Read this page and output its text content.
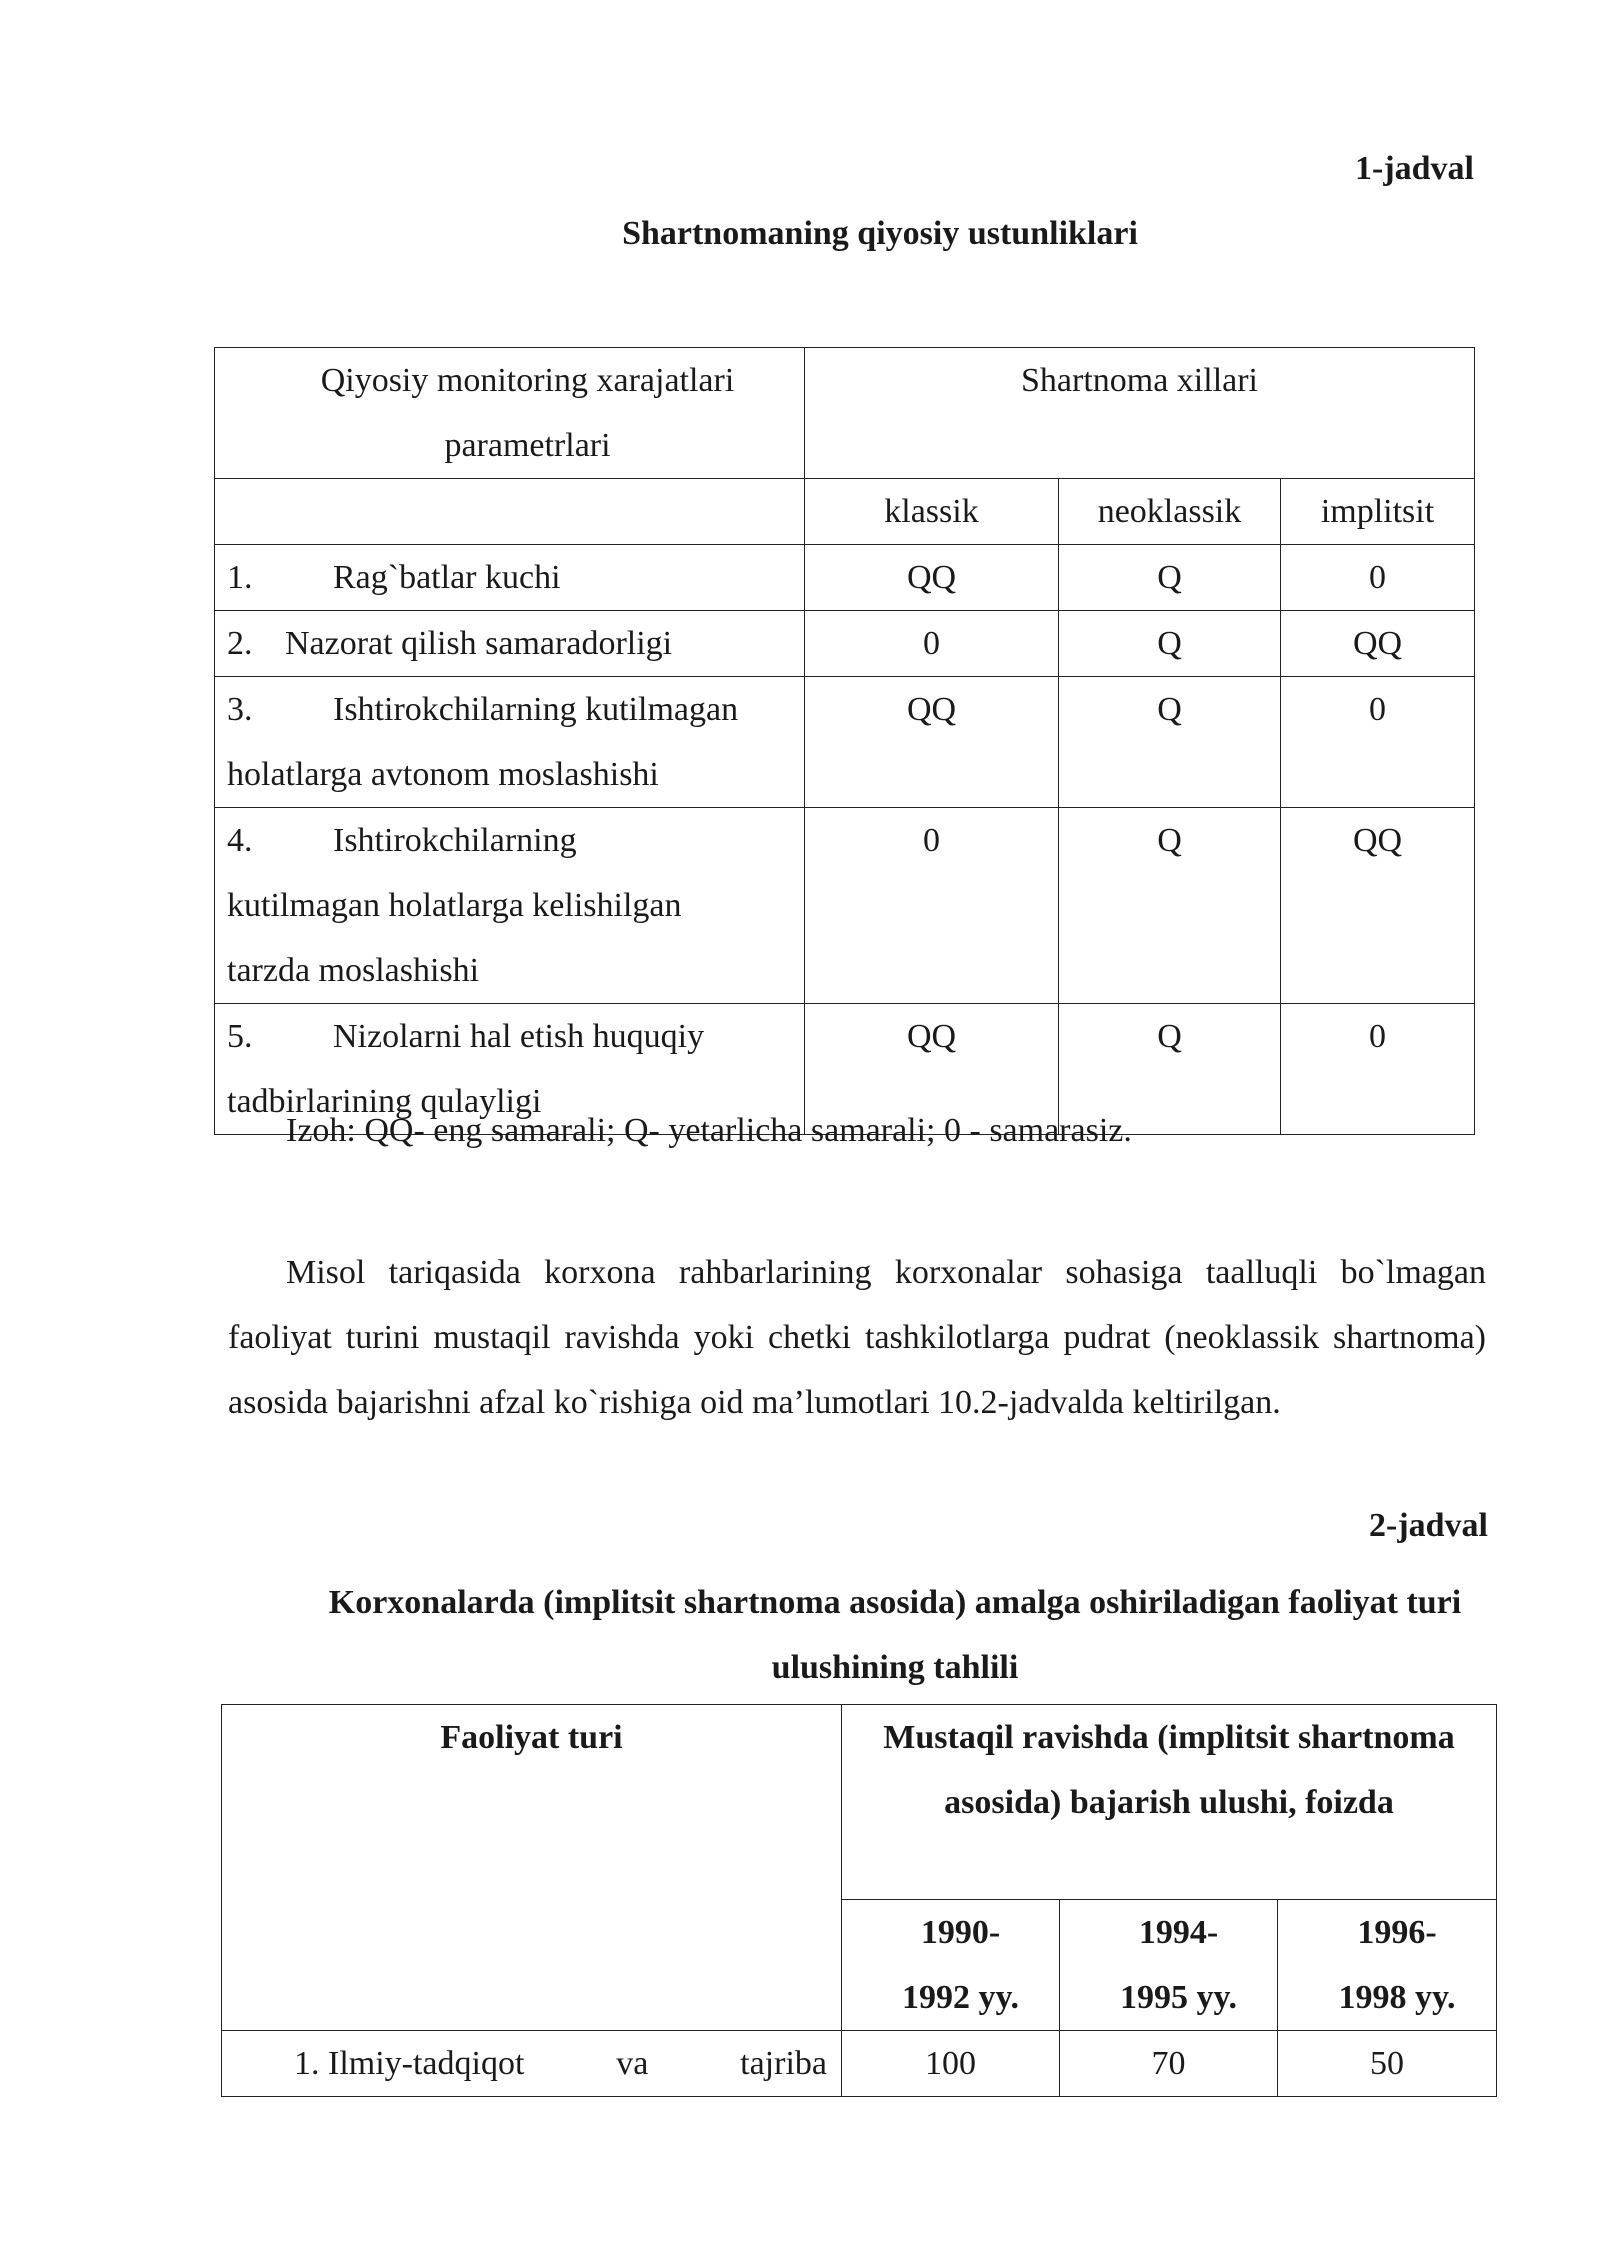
1-jadval
Shartnomaning qiyosiy ustunliklari
Qiyosiy monitoring xarajatlari parametrlari	Shartnoma xillari		
	klassik	neoklassik	implitsit

1. Rag`batlar kuchi	QQ	Q	0

2. Nazorat qilish samaradorligi	0	Q	QQ

3. Ishtirokchilarning kutilmagan holatlarga avtonom moslashishi	QQ	Q	0

4. Ishtirokchilarning kutilmagan holatlarga kelishilgan tarzda moslashishi	0	Q	QQ

5. Nizolarni hal etish huquqiy tadbirlarining qulayligi	QQ	Q	0
Izoh: QQ- eng samarali; Q- yetarlicha samarali; 0 - samarasiz.
Misol tariqasida korxona rahbarlarining korxonalar sohasiga taalluqli bo`lmagan faoliyat turini mustaqil ravishda yoki chetki tashkilotlarga pudrat (neoklassik shartnoma) asosida bajarishni afzal ko`rishiga oid ma’lumotlari 10.2-jadvalda keltirilgan.
2-jadval
Korxonalarda (implitsit shartnoma asosida) amalga oshiriladigan faoliyat turi ulushining tahlili
Faoliyat turi	Mustaqil ravishda (implitsit shartnoma asosida) bajarish ulushi, foizda		

	1990-1992 yy.	1994-1995 yy.	1996-1998 yy.

1. Ilmiy-tadqiqot va tajriba	100	70	50
